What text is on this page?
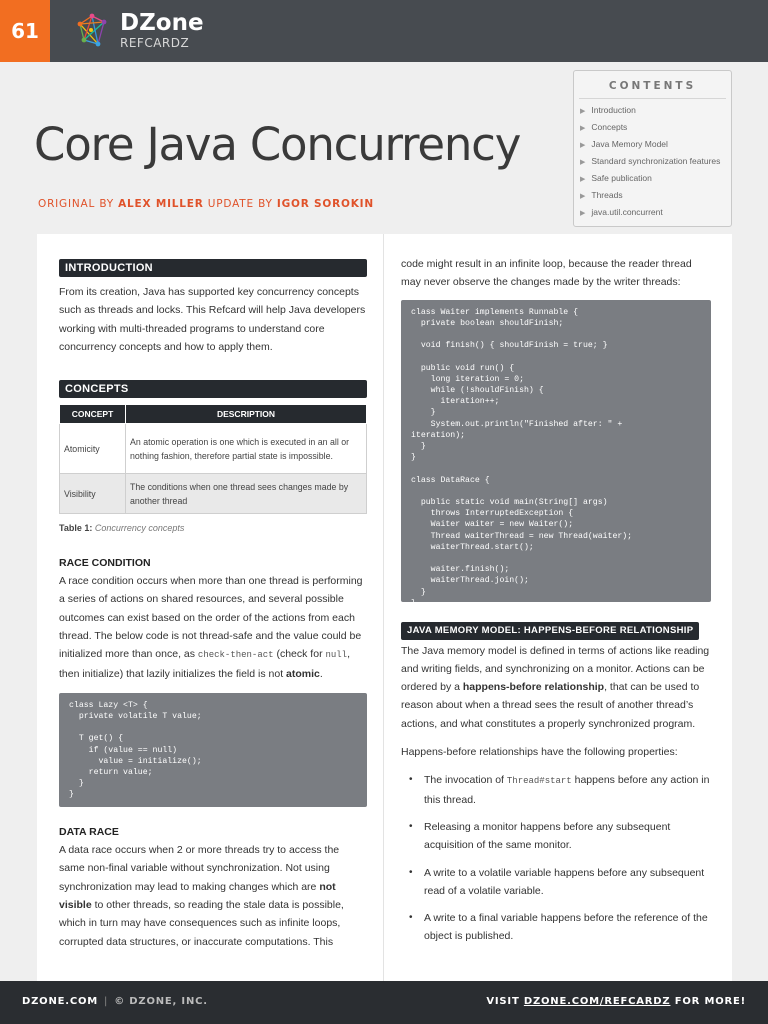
61	DZone
REFCARDZ
Core Java Concurrency
ORIGINAL BY ALEX MILLER UPDATE BY IGOR SOROKIN
CONTENTS
▶ Introduction
▶ Concepts
▶ Java Memory Model
▶ Standard synchronization features
▶ Safe publication
▶ Threads
▶ java.util.concurrent
INTRODUCTION

From its creation, Java has supported key concurrency concepts such as threads and locks. This Refcard will help Java developers working with multi-threaded programs to understand core concurrency concepts and how to apply them.

CONCEPTS
CONCEPT	DESCRIPTION
Atomicity	An atomic operation is one which is executed in an all or nothing fashion, therefore partial state is impossible.
Visibility	The conditions when one thread sees changes made by another thread
Table 1: Concurrency concepts
RACE CONDITION

A race condition occurs when more than one thread is performing a series of actions on shared resources, and several possible outcomes can exist based on the order of the actions from each thread. The below code is not thread-safe and the value could be initialized more than once, as check-then-act (check for null, then initialize) that lazily initializes the field is not atomic.

class Lazy <T> {
private volatile T value;

T get() {
if (value == null)
value = initialize();
return value;
}
}
DATA RACE

A data race occurs when 2 or more threads try to access the same non-final variable without synchronization. Not using synchronization may lead to making changes which are not visible to other threads, so reading the stale data is possible, which in turn may have consequences such as infinite loops, corrupted data structures, or inaccurate computations. This

code might result in an infinite loop, because the reader thread may never observe the changes made by the writer threads:

class Waiter implements Runnable {
private boolean shouldFinish;

void finish() { shouldFinish = true; }

public void run() {
long iteration = 0;
while (!shouldFinish) {
iteration++;
}
System.out.println("Finished after: " +
iteration);
}
}

class DataRace {

public static void main(String[] args)
throws InterruptedException {
Waiter waiter = new Waiter();
Thread waiterThread = new Thread(waiter);
waiterThread.start();

waiter.finish();
waiterThread.join();
}
}
JAVA MEMORY MODEL: HAPPENS-BEFORE RELATIONSHIP

The Java memory model is defined in terms of actions like reading and writing fields, and synchronizing on a monitor. Actions can be ordered by a happens-before relationship, that can be used to reason about when a thread sees the result of another thread’s actions, and what constitutes a properly synchronized program.

Happens-before relationships have the following properties:

• The invocation of Thread#start happens before any action in this thread.
• Releasing a monitor happens before any subsequent acquisition of the same monitor.
• A write to a volatile variable happens before any subsequent read of a volatile variable.
• A write to a final variable happens before the reference of the object is published.
DZONE.COM | © DZONE, INC.	VISIT DZONE.COM/REFCARDZ FOR MORE!
